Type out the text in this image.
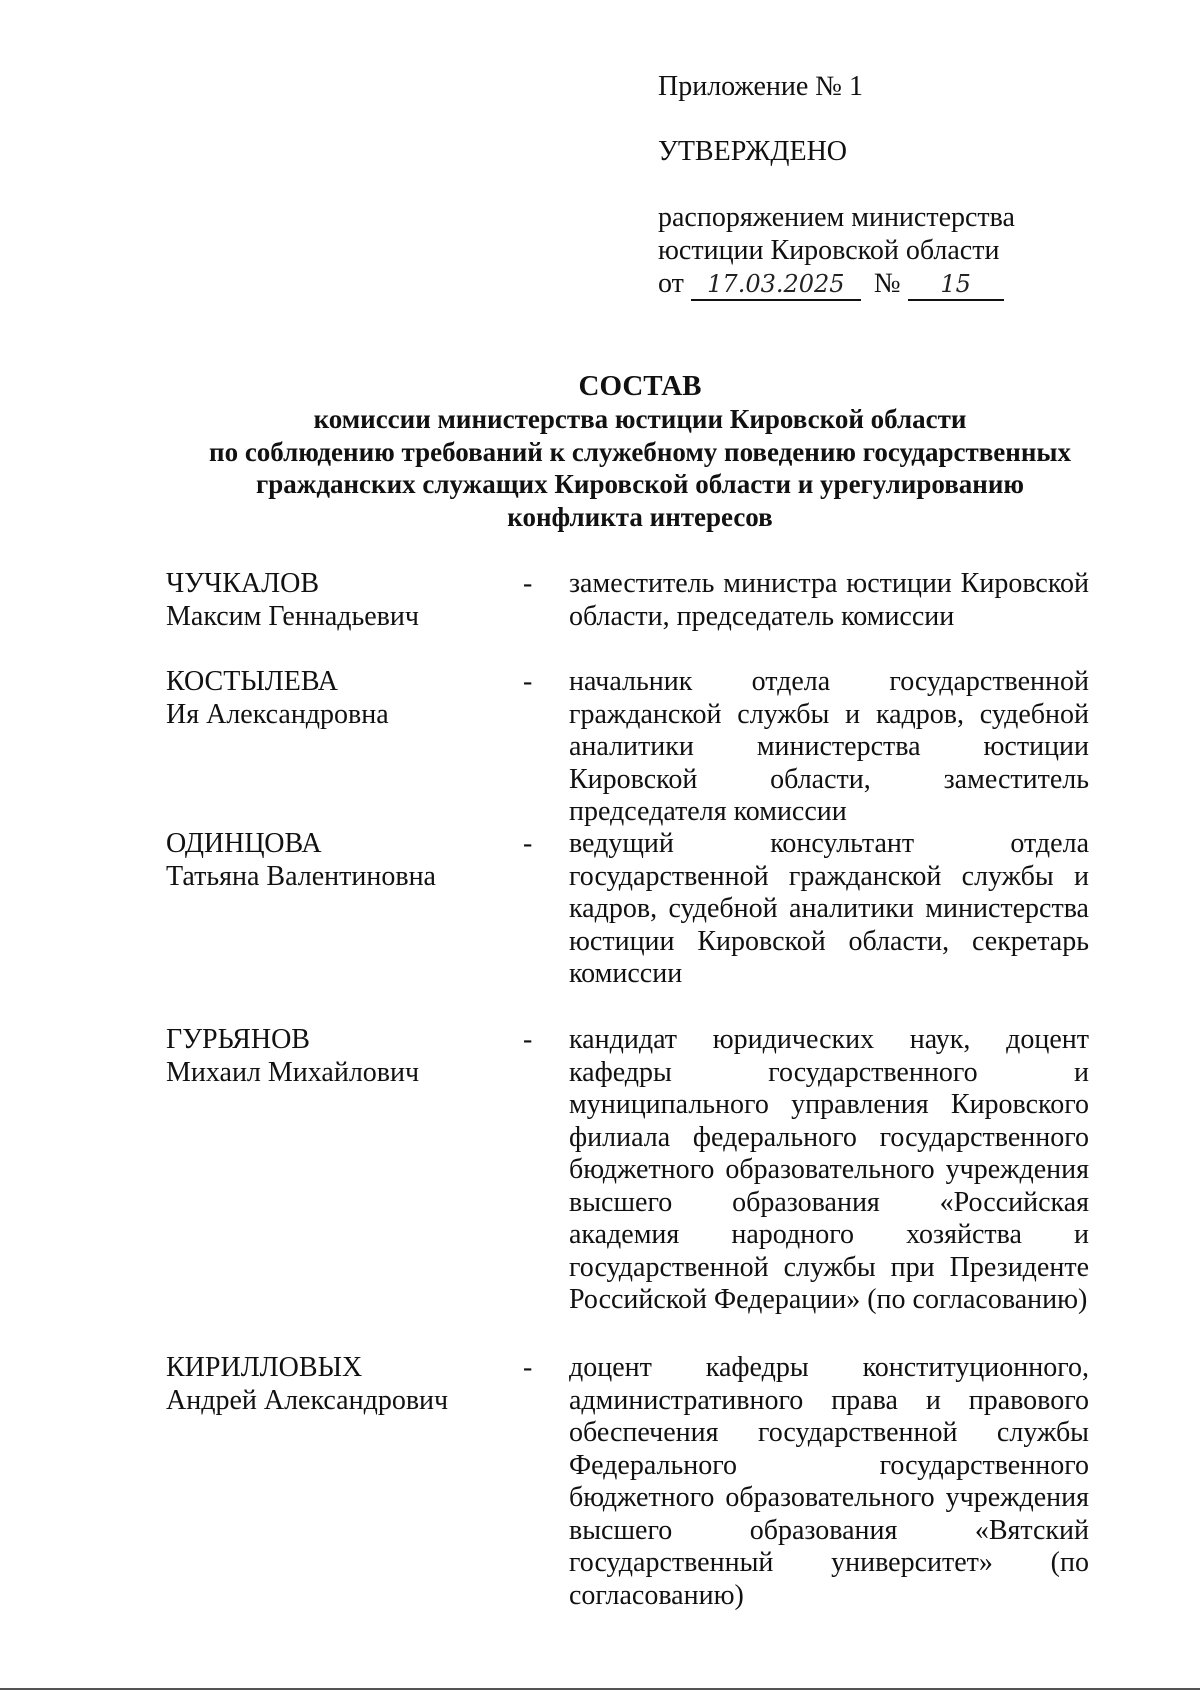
Приложение № 1
УТВЕРЖДЕНО
распоряжением министерства
юстиции Кировской области
от 17.03.2025 № 15
СОСТАВ
комиссии министерства юстиции Кировской области
по соблюдению требований к служебному поведению государственных
гражданских служащих Кировской области и урегулированию
конфликта интересов
ЧУЧКАЛОВ
Максим Геннадьевич
- заместитель министра юстиции Кировской области, председатель комиссии
КОСТЫЛЕВА
Ия Александровна
- начальник отдела государственной гражданской службы и кадров, судебной аналитики министерства юстиции Кировской области, заместитель председателя комиссии
ОДИНЦОВА
Татьяна Валентиновна
- ведущий консультант отдела государственной гражданской службы и кадров, судебной аналитики министерства юстиции Кировской области, секретарь комиссии
ГУРЬЯНОВ
Михаил Михайлович
- кандидат юридических наук, доцент кафедры государственного и муниципального управления Кировского филиала федерального государственного бюджетного образовательного учреждения высшего образования «Российская академия народного хозяйства и государственной службы при Президенте Российской Федерации» (по согласованию)
КИРИЛЛОВЫХ
Андрей Александрович
- доцент кафедры конституционного, административного права и правового обеспечения государственной службы Федерального государственного бюджетного образовательного учреждения высшего образования «Вятский государственный университет» (по согласованию)
